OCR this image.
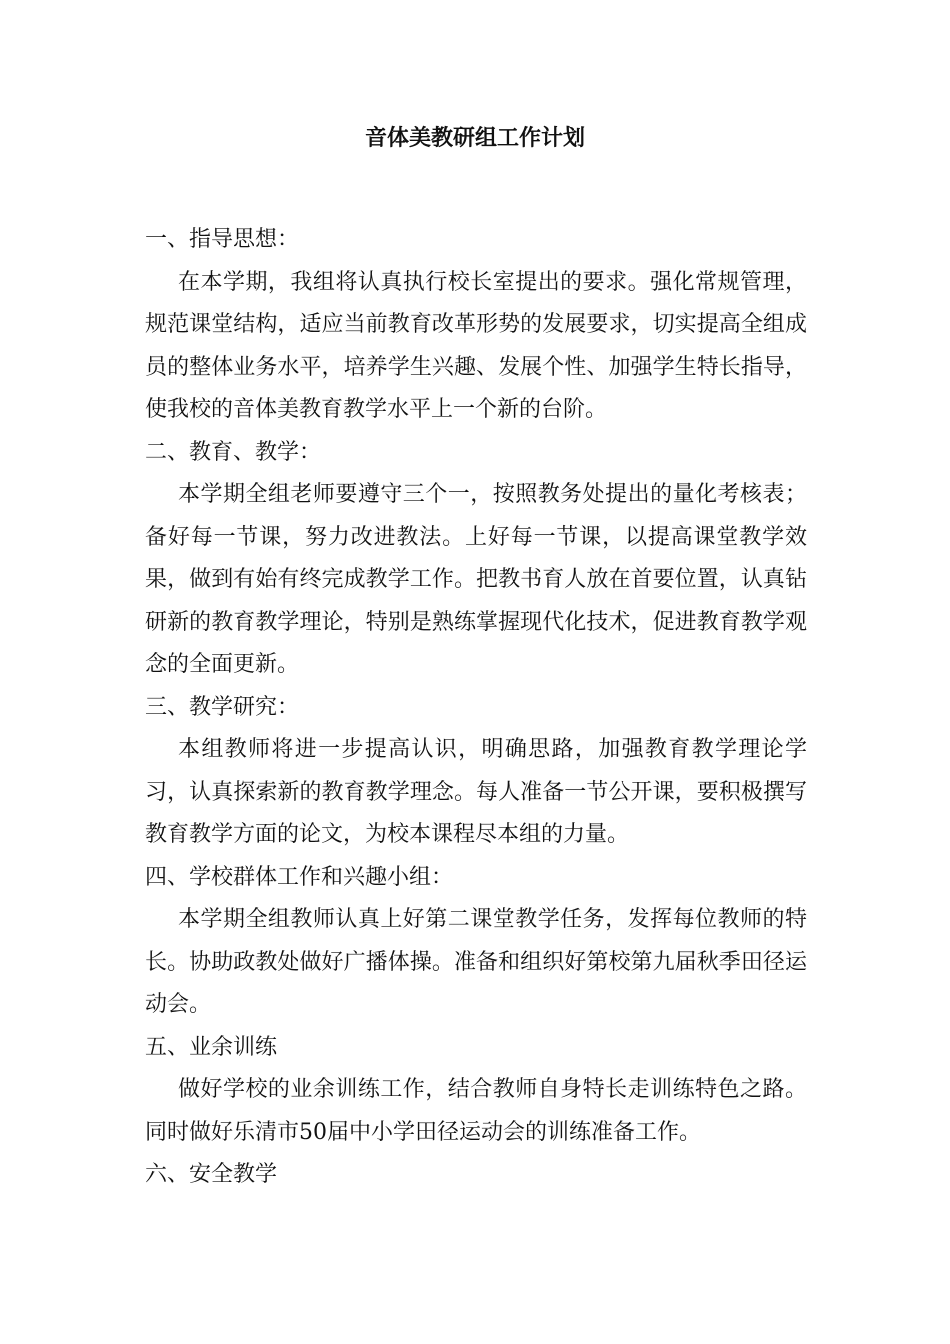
音体美教研组工作计划

一、指导思想：

在本学期，我组将认真执行校长室提出的要求。强化常规管理，规范课堂结构，适应当前教育改革形势的发展要求，切实提高全组成员的整体业务水平，培养学生兴趣、发展个性、加强学生特长指导，使我校的音体美教育教学水平上一个新的台阶。

二、教育、教学：

本学期全组老师要遵守三个一，按照教务处提出的量化考核表；备好每一节课，努力改进教法。上好每一节课，以提高课堂教学效果，做到有始有终完成教学工作。把教书育人放在首要位置，认真钻研新的教育教学理论，特别是熟练掌握现代化技术，促进教育教学观念的全面更新。

三、教学研究：

本组教师将进一步提高认识，明确思路，加强教育教学理论学习，认真探索新的教育教学理念。每人准备一节公开课，要积极撰写教育教学方面的论文，为校本课程尽本组的力量。

四、学校群体工作和兴趣小组：

本学期全组教师认真上好第二课堂教学任务，发挥每位教师的特长。协助政教处做好广播体操。准备和组织好第校第九届秋季田径运动会。

五、业余训练

做好学校的业余训练工作，结合教师自身特长走训练特色之路。同时做好乐清市50届中小学田径运动会的训练准备工作。

六、安全教学
